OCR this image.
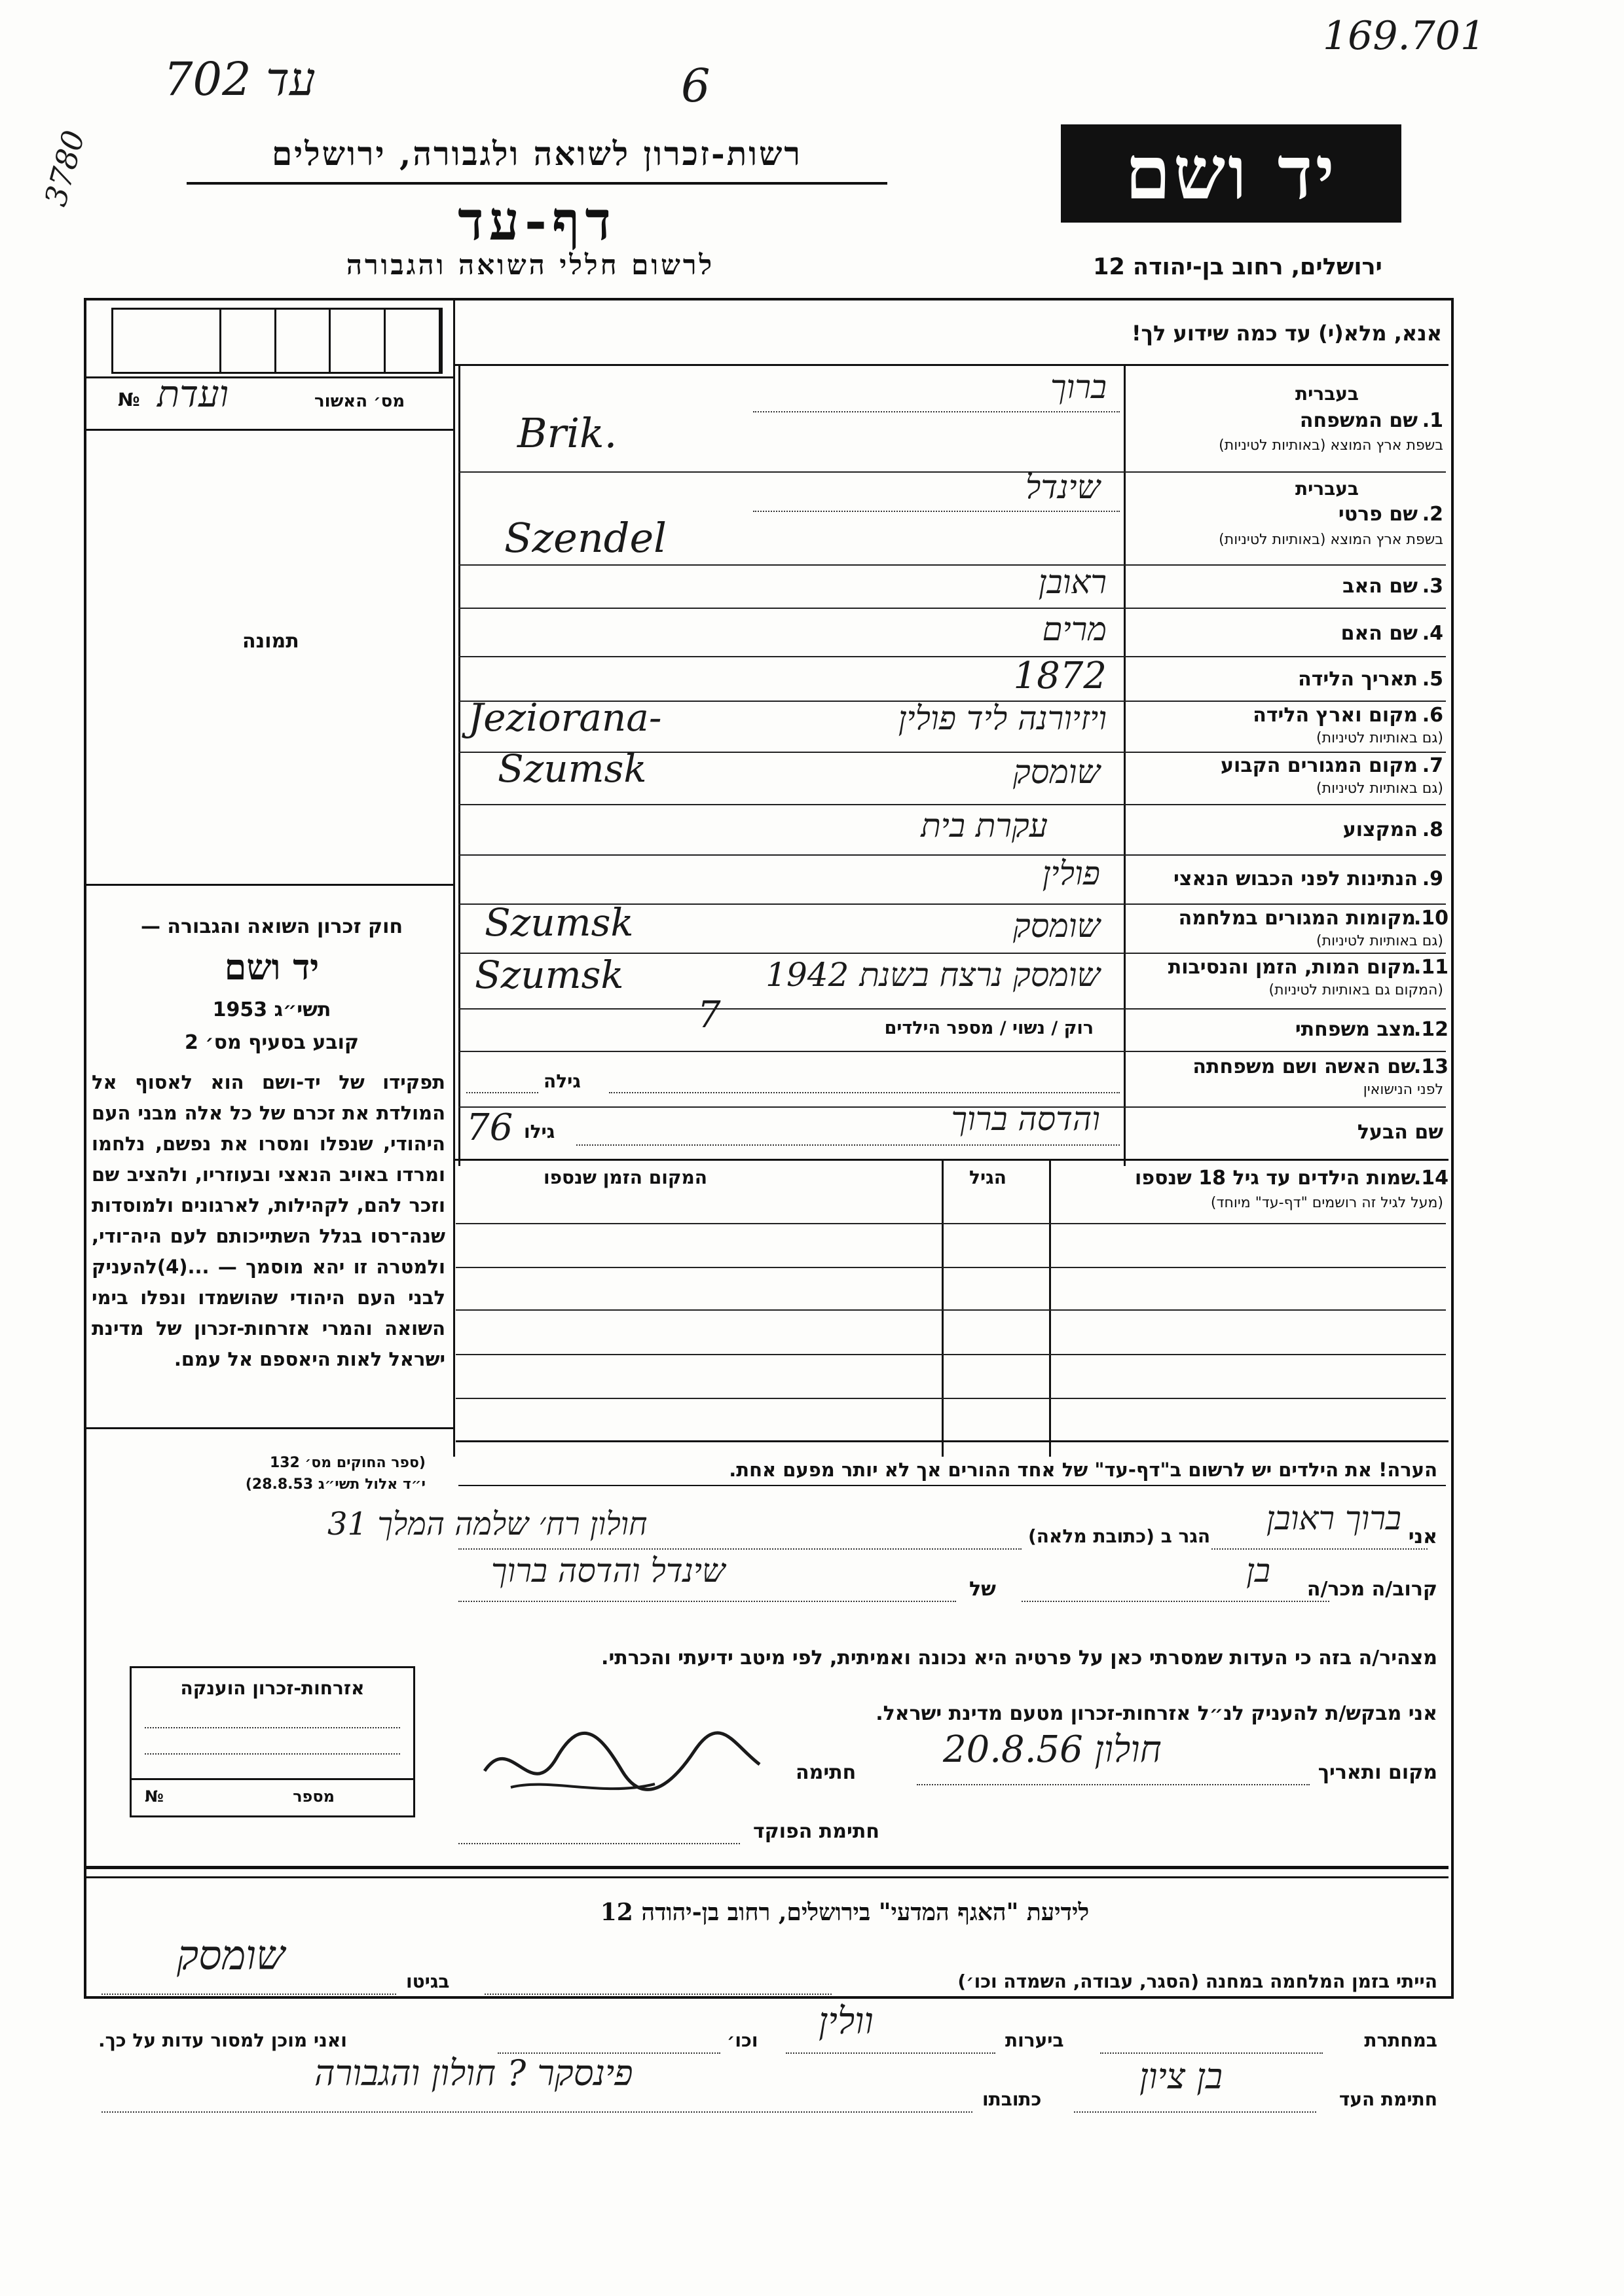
6
עד 702
169.701
3780	רשות-זכרון לשואה ולגבורה, ירושלים
דף-עד
לרשום חללי השואה והגבורה
יד ושם
ירושלים, רחוב בן-יהודה 12
מס׳ האשור
№ ועדת
תמונה
חוק זכרון השואה והגבורה —
יד ושם
תשי״ג 1953
קובע בסעיף מס׳ 2
תפקידו של יד-ושם הוא לאסוף אל המולדת את זכרם של כל אלה מבני העם היהודי, שנפלו ומסרו את נפשם, נלחמו ומרדו באויב הנאצי ובעוזריו, ולהציב שם וזכר להם, לקהילות, לארגונים ולמוסדות שנה־רסו בגלל השתייכותם לעם היה־ודי, ולמטרה זו יהא מוסמך — ...(4)להעניק לבני העם היהודי שהושמדו ונפלו בימי השואה והמרי אזרחות-זכרון של מדינת ישראל לאות היאספם אל עמם.
(ספר החוקים מס׳ 132
י״ד אלול תשי״ג 28.8.53)
אזרחות-זכרון הוענקה
מספר
№
אנא, מלא(י) עד כמה שידוע לך!
בעברית
1.
שם המשפחה
בשפת ארץ המוצא (באותיות לטיניות)
ברוך
Brik.
בעברית
2.
שם פרטי
בשפת ארץ המוצא (באותיות לטיניות)
שינדל
Szendel
3.
שם האב
ראובן
4.
שם האם
מרים
5.
תאריך הלידה
1872
6.
מקום וארץ הלידה
(גם באותיות לטיניות)
ויזיורנה ליד פולין
Jeziorana-
7.
מקום המגורים הקבוע
(גם באותיות לטיניות)
שומסק
Szumsk
8.
המקצוע
עקרת בית
9.
הנתינות לפני הכבוש הנאצי
פולין
10.
מקומות המגורים במלחמה
(גם באותיות לטיניות)
שומסק
Szumsk
11.
מקום המות, הזמן והנסיבות
(המקום גם באותיות לטיניות)
שומסק נרצח בשנת 1942
Szumsk
12.
מצב משפחתי
רוק / נשוי / מספר הילדים
7
13.
שם האשה ושם משפחתה
לפני הנישואין
גילה
שם הבעל
גילו
76	והדסה ברוך
14.
שמות הילדים עד גיל 18 שנספו
(מעל לגיל זה רושמים "דף-עד" מיוחד)
הגיל
המקום הזמן שנספו
הערה! את הילדים יש לרשום ב"דף-עד" של אחד ההורים אך לא יותר מפעם אחת.
אני
ברוך ראובן
הגר ב (כתובת מלאה)
חולון רח׳ שלמה המלך 31
קרוב/ה מכר/ה
בן
של
שינדל והדסה ברוך
מצהיר/ה בזה כי העדות שמסרתי כאן על פרטיה היא נכונה ואמיתית, לפי מיטב ידיעתי והכרתי.
אני מבקש/ת להעניק לנ״ל אזרחות-זכרון מטעם מדינת ישראל.
מקום ותאריך
חולון 20.8.56
חתימה
חתימת הפוקד
לידיעת "האגף המדעי" בירושלים, רחוב בן-יהודה 12
הייתי בזמן המלחמה במחנה (הסגר, עבודה, השמדה וכו׳)
בגיטו
שומסק
במחתרת
ביערות
וולין
וכו׳
ואני מוכן למסור עדות על כך.
חתימת העד
בן ציון
כתובתו
פינסקר ? חולון והגבורה
